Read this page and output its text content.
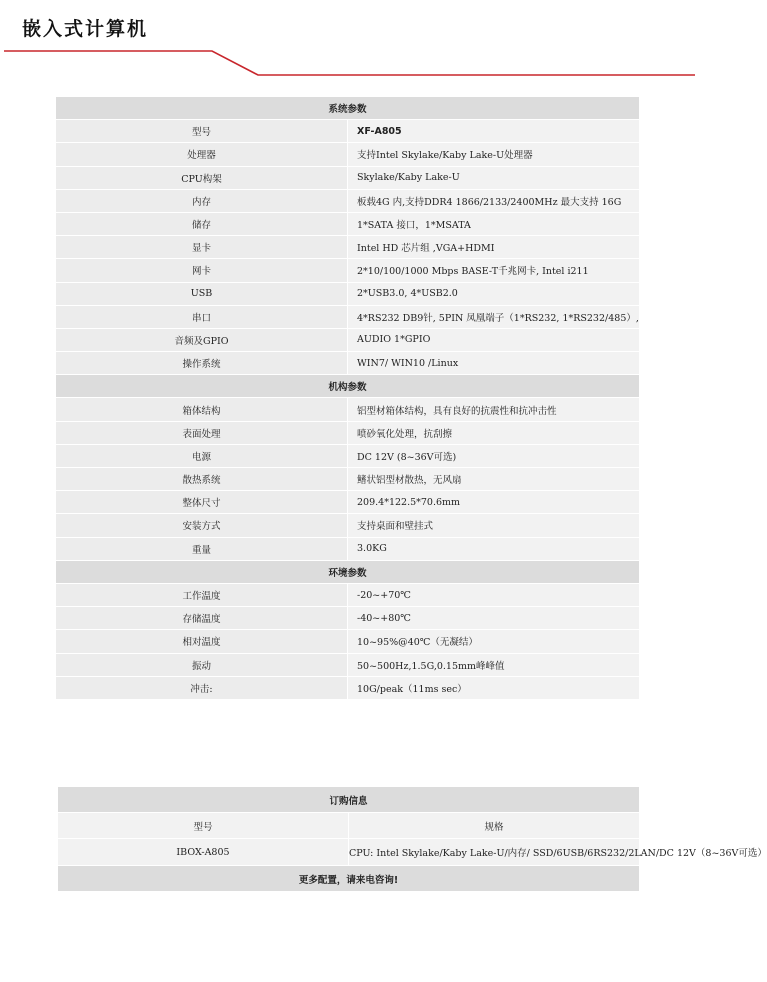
嵌入式计算机
系统参数	
型号	XF-A805
处理器	支持Intel Skylake/Kaby Lake-U处理器
CPU构架	Skylake/Kaby Lake-U
内存	板载4G 内,支持DDR4 1866/2133/2400MHz 最大支持 16G
储存	1*SATA 接口，1*MSATA
显卡	Intel HD 芯片组 ,VGA+HDMI
网卡	2*10/100/1000 Mbps BASE-T千兆网卡, Intel i211
USB	2*USB3.0, 4*USB2.0
串口	4*RS232 DB9针, 5PIN 凤凰端子（1*RS232, 1*RS232/485）,
音频及GPIO	AUDIO 1*GPIO
操作系统	WIN7/ WIN10 /Linux
机构参数	
箱体结构	铝型材箱体结构，具有良好的抗震性和抗冲击性
表面处理	喷砂氧化处理，抗刮擦
电源	DC 12V (8~36V可选)
散热系统	鳍状铝型材散热，无风扇
整体尺寸	209.4*122.5*70.6mm
安装方式	支持桌面和壁挂式
重量	3.0KG
环境参数	
工作温度	-20~+70℃
存储温度	-40~+80℃
相对温度	10~95%@40℃（无凝结）
振动	50~500Hz,1.5G,0.15mm峰峰值
冲击:	10G/peak（11ms sec）
订购信息	
型号	规格
IBOX-A805	CPU: Intel Skylake/Kaby Lake-U/内存/ SSD/6USB/6RS232/2LAN/DC 12V（8~36V可选）
更多配置，请来电咨询!	
